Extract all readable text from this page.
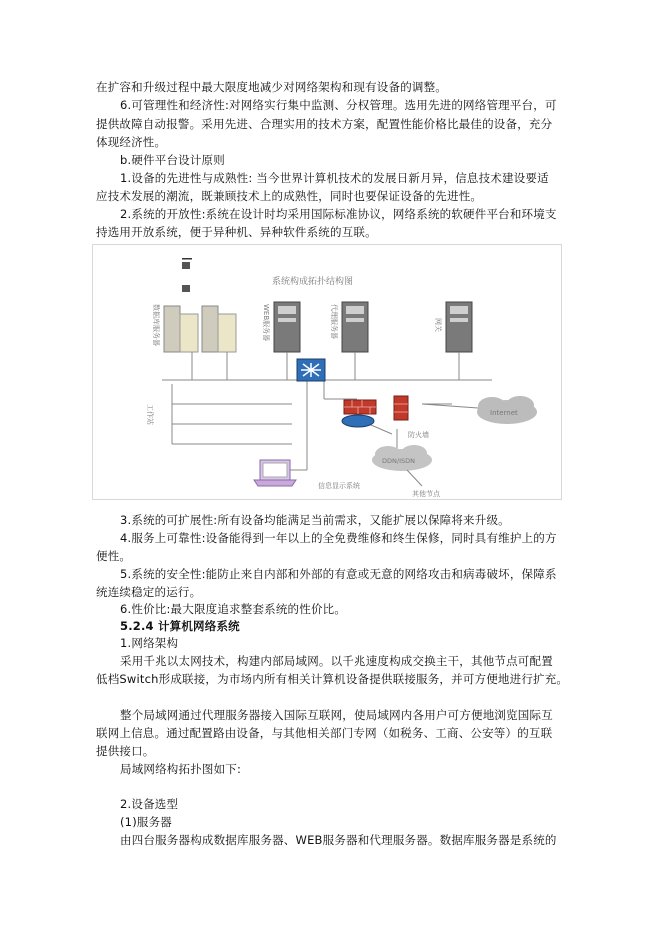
在扩容和升级过程中最大限度地减少对网络架构和现有设备的调整。
6.可管理性和经济性:对网络实行集中监测、分权管理。选用先进的网络管理平台，可
提供故障自动报警。采用先进、合理实用的技术方案，配置性能价格比最佳的设备，充分
体现经济性。
b.硬件平台设计原则
1.设备的先进性与成熟性: 当今世界计算机技术的发展日新月异，信息技术建设要适
应技术发展的潮流，既兼顾技术上的成熟性，同时也要保证设备的先进性。
2.系统的开放性:系统在设计时均采用国际标准协议，网络系统的软硬件平台和环境支
持选用开放系统，便于异种机、异种软件系统的互联。
系统构成拓扑结构图
数据库服务器	WEB服务器	代理服务器	网关
防火墙
Internet
DDN/ISDN
其他节点
工作站
信息显示系统
3.系统的可扩展性:所有设备均能满足当前需求，又能扩展以保障将来升级。
4.服务上可靠性:设备能得到一年以上的全免费维修和终生保修，同时具有维护上的方
便性。
5.系统的安全性:能防止来自内部和外部的有意或无意的网络攻击和病毒破坏，保障系
统连续稳定的运行。
6.性价比:最大限度追求整套系统的性价比。
5.2.4 计算机网络系统
1.网络架构
采用千兆以太网技术，构建内部局域网。以千兆速度构成交换主干，其他节点可配置
低档Switch形成联接，为市场内所有相关计算机设备提供联接服务，并可方便地进行扩充。
整个局域网通过代理服务器接入国际互联网，使局域网内各用户可方便地浏览国际互
联网上信息。通过配置路由设备，与其他相关部门专网（如税务、工商、公安等）的互联
提供接口。
局域网络构拓扑图如下:
2.设备选型
(1)服务器
由四台服务器构成数据库服务器、WEB服务器和代理服务器。数据库服务器是系统的
